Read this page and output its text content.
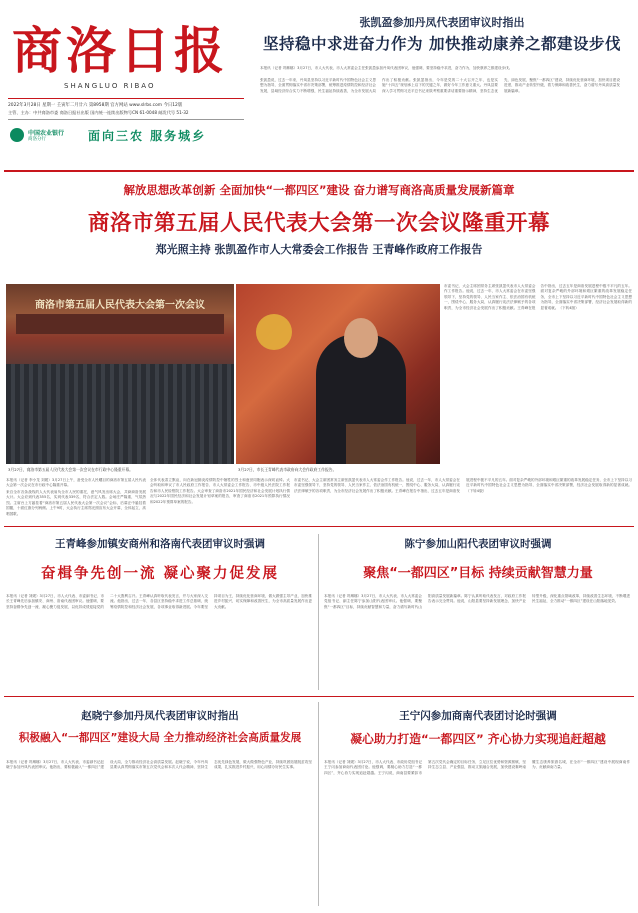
商洛日报
SHANGLUO RIBAO
2022年3月28日 星期一 壬寅年二月廿六 第8958期 官方网站 www.slrbs.com 今日12版
主管、主办：中共商洛市委 商洛日报社出版 国内统一连续出版物号CN 61-0048 邮发代号 51-32
中国农业银行
商洛分行	面向三农 服务城乡
张凯盈参加丹凤代表团审议时指出
坚持稳中求进奋力作为 加快推动康养之都建设步伐
本报讯（记者 巩琳娜）3月27日，市人大代表、市人大常委会主任张凯盈参加丹凤代表团审议，他强调，要坚持稳中求进，奋力作为，加快康养之都建设步伐。
张凯盈说，过去一年来，丹凤县坚持以习近平新时代中国特色社会主义思想为指导，全面贯彻落实中省市决策部署，统筹推进疫情防控和经济社会发展，县域经济综合实力不断增强，民生福祉持续改善，为全市发展大局作出了积极贡献。张凯盈指出，今年是党的二十大召开之年，也是实施“十四五”规划承上启下的关键之年，做好今年工作意义重大。丹凤县要深入学习贯彻习近平总书记来陕考察重要讲话重要指示精神，坚持生态优先、绿色发展，聚焦“一都四区”建设，持续优化营商环境，加快项目建设进度，推动产业转型升级，着力保障和改善民生，奋力谱写丹凤高质量发展新篇章。
解放思想改革创新 全面加快“一都四区”建设 奋力谱写商洛高质量发展新篇章
商洛市第五届人民代表大会第一次会议隆重开幕
郑光照主持 张凯盈作市人大常委会工作报告 王青峰作政府工作报告
商洛市第五届人民代表大会第一次会议
3月27日，商洛市第五届人民代表大会第一次会议在市行政中心隆重开幕。	3月27日，市长王青峰代表市政府向大会作政府工作报告。
市委书记、大会主席团常务主席张凯盈代表市人大常委会作工作报告。他说，过去一年，市人大常委会在市委坚强领导下，坚持党的领导、人民当家作主、依法治国有机统一，围绕中心、服务大局，认真履行宪法法律赋予的各项职责，为全市经济社会发展作出了积极贡献。王青峰在报告中指出，过去五年是商洛发展进程中极不平凡的五年。面对复杂严峻的外部环境和艰巨繁重的改革发展稳定任务，全市上下坚持以习近平新时代中国特色社会主义思想为指导，全面落实中省决策部署，经济社会发展取得新的显著成就。（下转4版）
本报讯（记者 李小龙 刘媛）3月27日上午，备受全市人民瞩目的商洛市第五届人民代表大会第一次会议在市行政中心隆重开幕。
来自全市各条战线的人大代表肩负全市人民的重托，意气风发出席大会，共商商洛发展大计。大会应到代表355名，实到代表339名，符合法定人数。会场庄严隆重，气氛热烈。主席台上方悬挂着“商洛市第五届人民代表大会第一次会议”会标，后幕正中悬挂着国徽，十面红旗分列两侧。上午9时，大会执行主席郑光照宣布大会开幕，全体起立，高唱国歌。
全体代表肃立默哀，向在新冠肺炎疫情防控中牺牲的烈士和逝世同胞表示深切哀悼。大会听取和审议了市人民政府工作报告、市人大常委会工作报告、市中级人民法院工作报告和市人民检察院工作报告。大会审查了商洛市2021年国民经济和社会发展计划执行情况与2022年国民经济和社会发展计划草案的报告，审查了商洛市2021年预算执行情况和2022年预算草案的报告。
市委书记、大会主席团常务主席张凯盈代表市人大常委会作工作报告。他说，过去一年，市人大常委会在市委坚强领导下，坚持党的领导、人民当家作主、依法治国有机统一，围绕中心、服务大局，认真履行宪法法律赋予的各项职责，为全市经济社会发展作出了积极贡献。王青峰在报告中指出，过去五年是商洛发展进程中极不平凡的五年。面对复杂严峻的外部环境和艰巨繁重的改革发展稳定任务，全市上下坚持以习近平新时代中国特色社会主义思想为指导，全面落实中省决策部署，经济社会发展取得新的显著成就。（下转4版）
王青峰参加镇安商州和洛南代表团审议时强调
奋楫争先创一流 凝心聚力促发展
本报讯（记者 刘媛）3月27日，市人大代表、市委副书记、市长王青峰先后参加镇安、商州、洛南代表团审议。他强调，要坚持奋楫争先创一流、凝心聚力促发展，以优异成绩迎接党的二十大胜利召开。王青峰认真听取代表发言，并与大家深入交流。他指出，过去一年，各县区坚持稳中求进工作总基调，统筹疫情防控和经济社会发展，各项事业取得新进展。今年要坚持项目为王，持续优化营商环境，做大做强主导产业，加快推进乡村振兴，切实保障和改善民生，为全市高质量发展作出更大贡献。
陈宁参加山阳代表团审议时强调
聚焦“一都四区”目标 持续贡献智慧力量
本报讯（记者 巩琳娜）3月27日，市人大代表、市人大常委会党组书记、副主任陈宁参加山阳代表团审议。他强调，要聚焦“一都四区”目标，持续贡献智慧和力量，奋力谱写新时代山阳高质量发展新篇章。陈宁认真听取代表发言，对政府工作报告表示完全赞同。他说，山阳县要坚持新发展理念，加快产业转型升级，深化重点领域改革，持续改善生态环境，不断增进民生福祉，全力推动“一都四区”建设在山阳落地见效。
赵晓宁参加丹凤代表团审议时指出
积极融入“一都四区”建设大局 全力推动经济社会高质量发展
本报讯（记者 巩琳娜）3月27日，市人大代表、市委副书记赵晓宁参加丹凤代表团审议。他指出，要积极融入“一都四区”建设大局，全力推动经济社会高质量发展。赵晓宁说，今年丹凤县要认真贯彻落实市第五次党代会和本次人代会精神，坚持生态优先绿色发展，做大做强特色产业，持续巩固拓展脱贫攻坚成果，扎实推进乡村振兴，用心用情办好民生实事。
王宁闪参加商南代表团讨论时强调
凝心助力打造“一都四区” 齐心协力实现追赶超越
本报讯（记者 刘媛）3月27日，市人大代表、市政协党组书记王宁闪参加商南代表团讨论。他强调，要凝心助力打造“一都四区”，齐心协力实现追赶超越。王宁闪说，商南县要紧扣市第五次党代会确定的目标任务，立足区位优势和资源禀赋，坚持生态立县、产业强县，推动文旅融合发展，加快建设秦岭南麓生态康养旅游名城，在全市“一都四区”建设中展现商南作为、贡献商南力量。
